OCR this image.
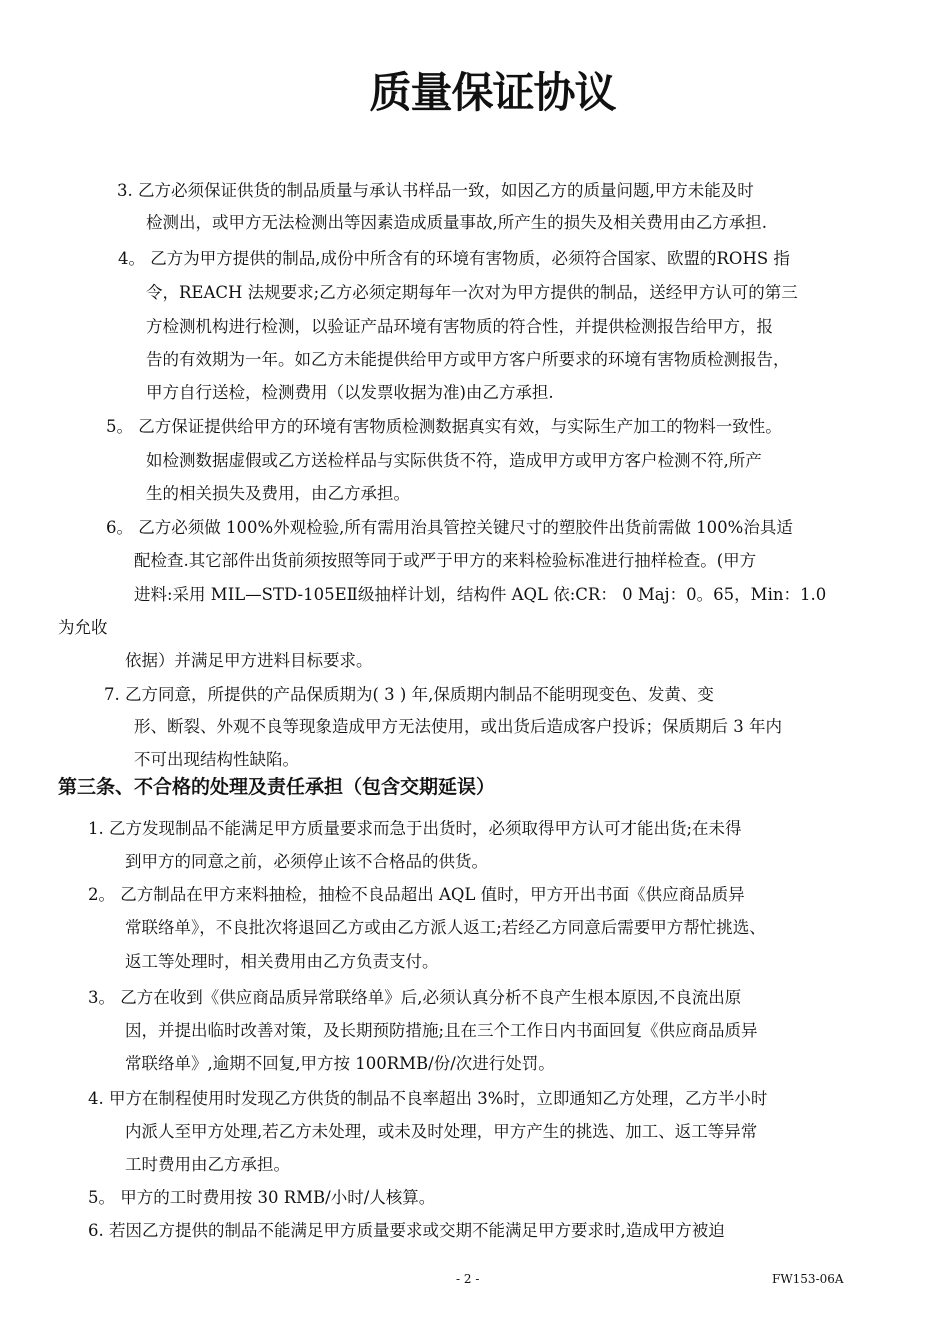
质量保证协议
3. 乙方必须保证供货的制品质量与承认书样品一致，如因乙方的质量问题,甲方未能及时
检测出，或甲方无法检测出等因素造成质量事故,所产生的损失及相关费用由乙方承担.
4。 乙方为甲方提供的制品,成份中所含有的环境有害物质，必须符合国家、欧盟的ROHS 指
令，REACH 法规要求;乙方必须定期每年一次对为甲方提供的制品，送经甲方认可的第三
方检测机构进行检测，以验证产品环境有害物质的符合性，并提供检测报告给甲方，报
告的有效期为一年。如乙方未能提供给甲方或甲方客户所要求的环境有害物质检测报告，
甲方自行送检，检测费用（以发票收据为准)由乙方承担.
5。 乙方保证提供给甲方的环境有害物质检测数据真实有效，与实际生产加工的物料一致性。
如检测数据虚假或乙方送检样品与实际供货不符，造成甲方或甲方客户检测不符,所产
生的相关损失及费用，由乙方承担。
6。 乙方必须做 100%外观检验,所有需用治具管控关键尺寸的塑胶件出货前需做 100%治具适
配检查.其它部件出货前须按照等同于或严于甲方的来料检验标准进行抽样检查。(甲方
进料:采用 MIL—STD-105EⅡ级抽样计划，结构件 AQL 依:CR： 0 Maj：0。65，Min：1.0
为允收
依据）并满足甲方进料目标要求。
7. 乙方同意，所提供的产品保质期为( 3 ) 年,保质期内制品不能明现变色、发黄、变
形、断裂、外观不良等现象造成甲方无法使用，或出货后造成客户投诉；保质期后 3 年内
不可出现结构性缺陷。
第三条、不合格的处理及责任承担（包含交期延误）
1. 乙方发现制品不能满足甲方质量要求而急于出货时，必须取得甲方认可才能出货;在未得
到甲方的同意之前，必须停止该不合格品的供货。
2。 乙方制品在甲方来料抽检，抽检不良品超出 AQL 值时，甲方开出书面《供应商品质异
常联络单》，不良批次将退回乙方或由乙方派人返工;若经乙方同意后需要甲方帮忙挑选、
返工等处理时，相关费用由乙方负责支付。
3。 乙方在收到《供应商品质异常联络单》后,必须认真分析不良产生根本原因,不良流出原
因，并提出临时改善对策，及长期预防措施;且在三个工作日内书面回复《供应商品质异
常联络单》,逾期不回复,甲方按 100RMB/份/次进行处罚。
4. 甲方在制程使用时发现乙方供货的制品不良率超出 3%时，立即通知乙方处理，乙方半小时
内派人至甲方处理,若乙方未处理，或未及时处理，甲方产生的挑选、加工、返工等异常
工时费用由乙方承担。
5。 甲方的工时费用按 30 RMB/小时/人核算。
6. 若因乙方提供的制品不能满足甲方质量要求或交期不能满足甲方要求时,造成甲方被迫
- 2 -	FW153-06A
